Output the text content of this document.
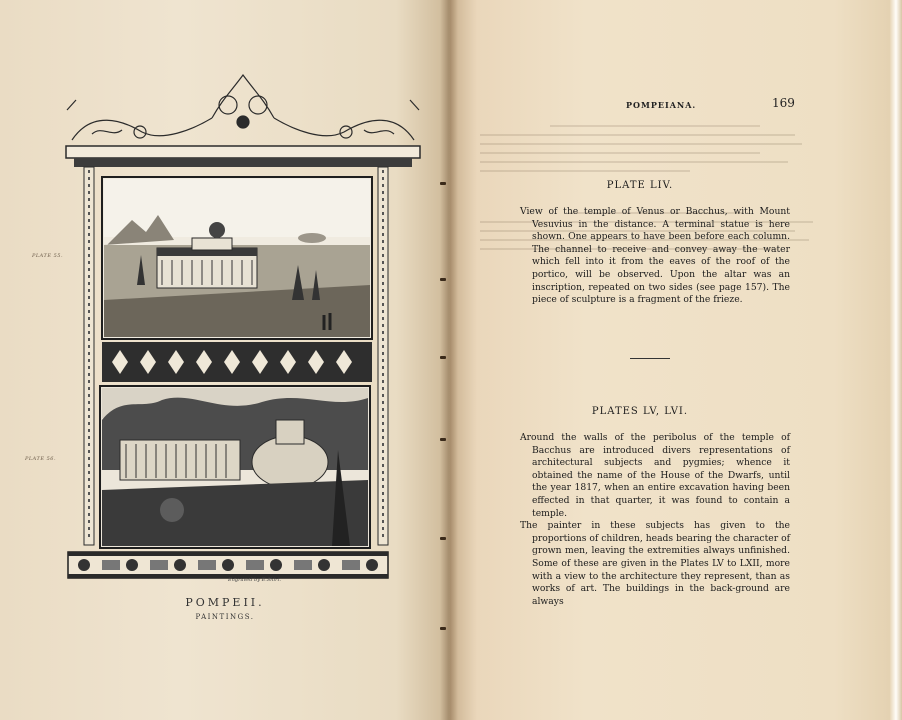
PLATE 55.
PLATE 56.
Engraved by E.Shirt.
POMPEII.
PAINTINGS.
POMPEIANA.	169
PLATE LIV.

View of the temple of Venus or Bacchus, with Mount Vesuvius in the distance. A terminal statue is here shown. One appears to have been before each column. The channel to receive and convey away the water which fell into it from the eaves of the roof of the portico, will be observed. Upon the altar was an inscription, repeated on two sides (see page 157). The piece of sculpture is a fragment of the frieze.

PLATES LV, LVI.

Around the walls of the peribolus of the temple of Bacchus are introduced divers representations of architectural subjects and pygmies; whence it obtained the name of the House of the Dwarfs, until the year 1817, when an entire excavation having been effected in that quarter, it was found to contain a temple.

The painter in these subjects has given to the proportions of children, heads bearing the character of grown men, leaving the extremities always unfinished. Some of these are given in the Plates LV to LXII, more with a view to the architecture they represent, than as works of art. The buildings in the back-ground are always
